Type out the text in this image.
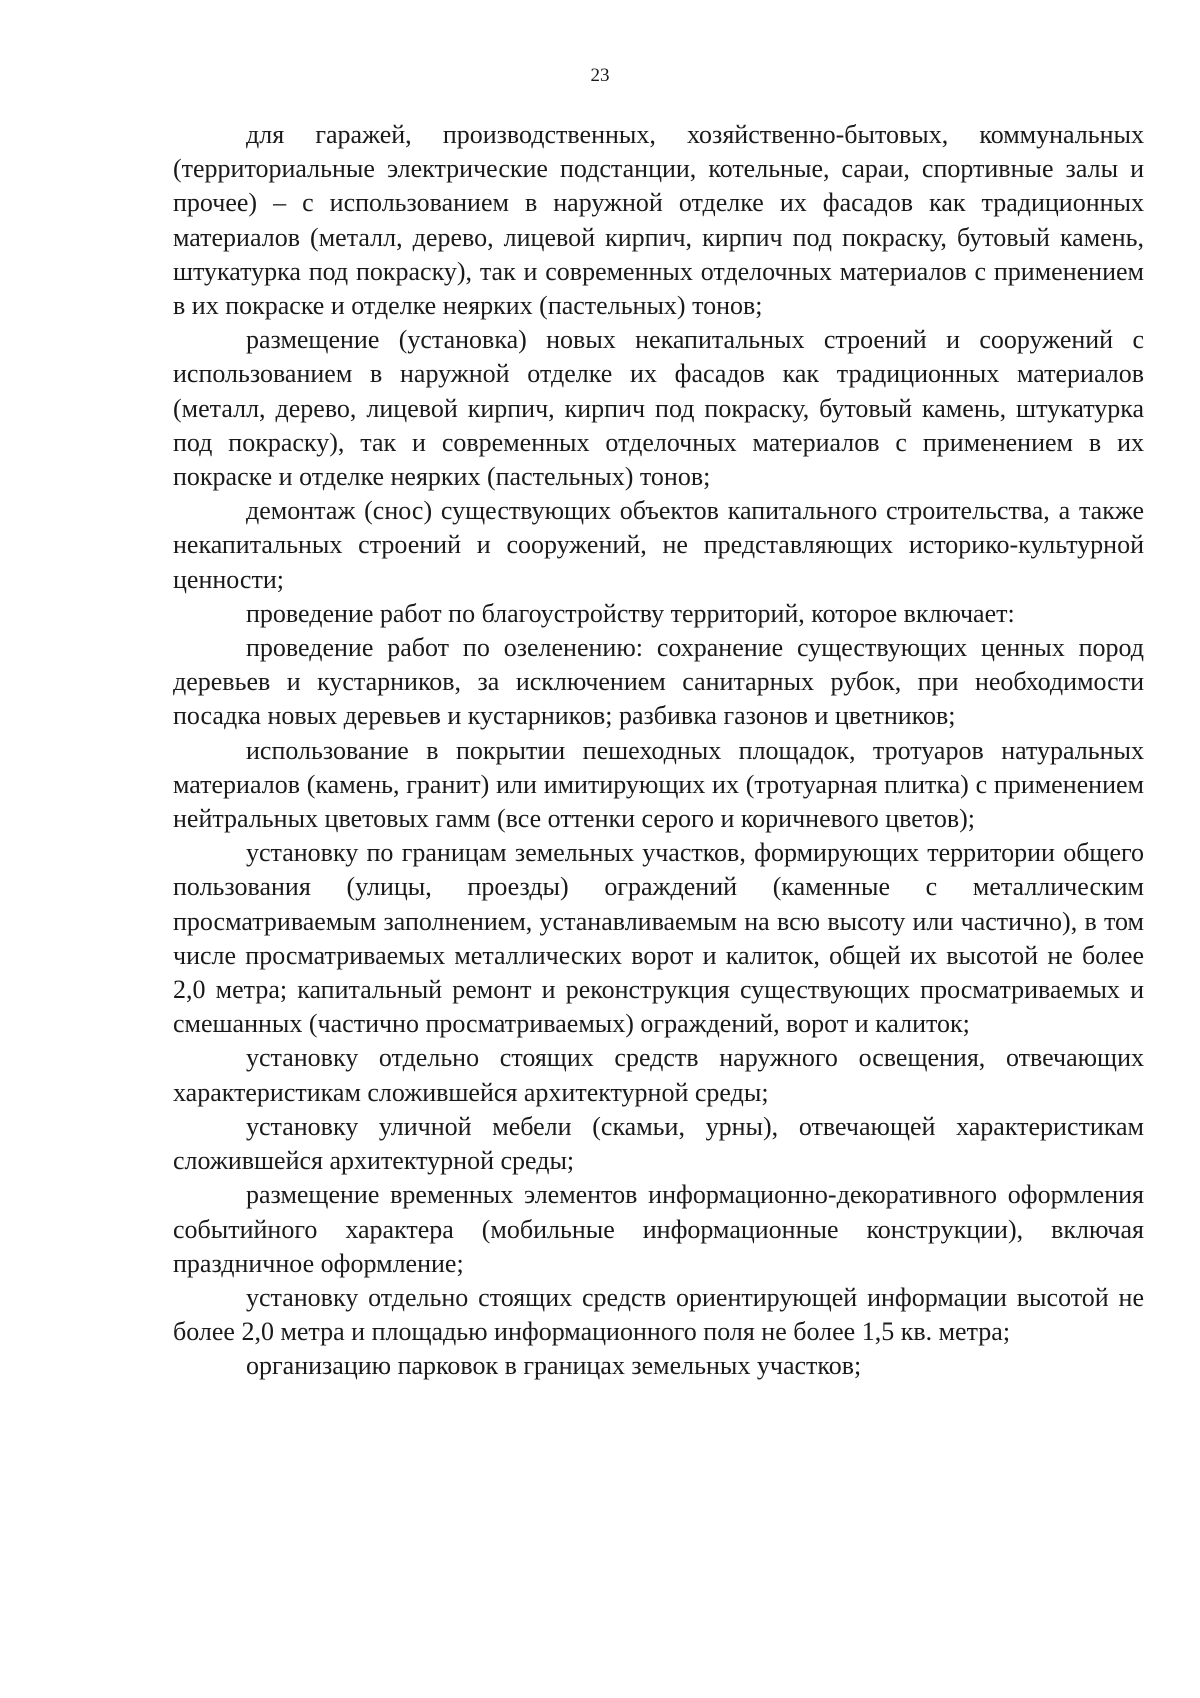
23

для гаражей, производственных, хозяйственно-бытовых, коммунальных (территориальные электрические подстанции, котельные, сараи, спортивные залы и прочее) – с использованием в наружной отделке их фасадов как традиционных материалов (металл, дерево, лицевой кирпич, кирпич под покраску, бутовый камень, штукатурка под покраску), так и современных отделочных материалов с применением в их покраске и отделке неярких (пастельных) тонов;

размещение (установка) новых некапитальных строений и сооружений с использованием в наружной отделке их фасадов как традиционных материалов (металл, дерево, лицевой кирпич, кирпич под покраску, бутовый камень, штукатурка под покраску), так и современных отделочных материалов с применением в их покраске и отделке неярких (пастельных) тонов;

демонтаж (снос) существующих объектов капитального строительства, а также некапитальных строений и сооружений, не представляющих историко-культурной ценности;

проведение работ по благоустройству территорий, которое включает:

проведение работ по озеленению: сохранение существующих ценных пород деревьев и кустарников, за исключением санитарных рубок, при необходимости посадка новых деревьев и кустарников; разбивка газонов и цветников;

использование в покрытии пешеходных площадок, тротуаров натуральных материалов (камень, гранит) или имитирующих их (тротуарная плитка) с применением нейтральных цветовых гамм (все оттенки серого и коричневого цветов);

установку по границам земельных участков, формирующих территории общего пользования (улицы, проезды) ограждений (каменные с металлическим просматриваемым заполнением, устанавливаемым на всю высоту или частично), в том числе просматриваемых металлических ворот и калиток, общей их высотой не более 2,0 метра; капитальный ремонт и реконструкция существующих просматриваемых и смешанных (частично просматриваемых) ограждений, ворот и калиток;

установку отдельно стоящих средств наружного освещения, отвечающих характеристикам сложившейся архитектурной среды;

установку уличной мебели (скамьи, урны), отвечающей характеристикам сложившейся архитектурной среды;

размещение временных элементов информационно-декоративного оформления событийного характера (мобильные информационные конструкции), включая праздничное оформление;

установку отдельно стоящих средств ориентирующей информации высотой не более 2,0 метра и площадью информационного поля не более 1,5 кв. метра;

организацию парковок в границах земельных участков;
